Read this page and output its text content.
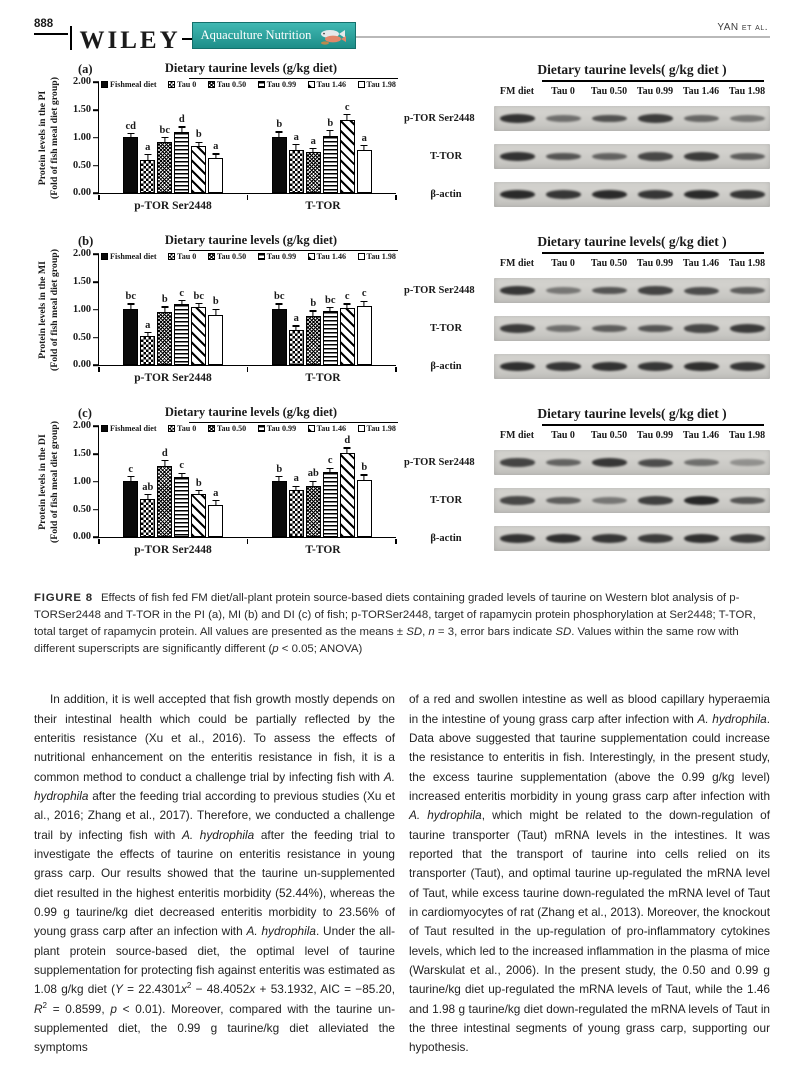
888
WILEY Aquaculture Nutrition
YAN et al.
(a)	Dietary taurine levels (g/kg diet)
Protein levels in the PI
(Fold of fish meal diet group)	Fishmeal diet	Tau 0	Tau 0.50	Tau 0.99	Tau 1.46	Tau 1.98
2.00
1.50
1.00
0.50
0.00
cd
a
bc
d
b
a
b
a a
b
c
a
p-TOR Ser2448	T-TOR
(b)	Dietary taurine levels (g/kg diet)
Protein levels in the MI
(Fold of fish meal diet group)	Fishmeal diet	Tau 0	Tau 0.50	Tau 0.99	Tau 1.46	Tau 1.98
2.00
1.50
1.00
0.50
0.00
bc
a
b
c bc
b	bc
a
b bc c c
p-TOR Ser2448	T-TOR
(c)	Dietary taurine levels (g/kg diet)
Protein levels in the DI
(Fold of fish meal diet group)	Fishmeal diet	Tau 0	Tau 0.50	Tau 0.99	Tau 1.46	Tau 1.98
2.00
1.50
1.00
0.50
0.00
c
ab
d
c
b
a
b
a ab
c
d
b
p-TOR Ser2448	T-TOR
Dietary taurine levels( g/kg diet )
FM diet	Tau 0	Tau 0.50 Tau 0.99 Tau 1.46 Tau 1.98
p-TOR Ser2448
T-TOR
β-actin
Dietary taurine levels( g/kg diet )
FM diet	Tau 0	Tau 0.50 Tau 0.99 Tau 1.46 Tau 1.98
p-TOR Ser2448
T-TOR
β-actin
Dietary taurine levels( g/kg diet )
FM diet	Tau 0	Tau 0.50 Tau 0.99 Tau 1.46 Tau 1.98
p-TOR Ser2448
T-TOR
β-actin

FIGURE 8 Effects of fish fed FM diet/all-plant protein source-based diets containing graded levels of taurine on Western blot analysis of p-TORSer2448 and T-TOR in the PI (a), MI (b) and DI (c) of fish; p-TORSer2448, target of rapamycin protein phosphorylation at Ser2448; T-TOR, total target of rapamycin protein. All values are presented as the means ± SD, n = 3, error bars indicate SD. Values within the same row with different superscripts are significantly different (p < 0.05; ANOVA)

In addition, it is well accepted that fish growth mostly depends on their intestinal health which could be partially reflected by the enteritis resistance (Xu et al., 2016). To assess the effects of nutritional enhancement on the enteritis resistance in fish, it is a common method to conduct a challenge trial by infecting fish with A. hydrophila after the feeding trial according to previous studies (Xu et al., 2016; Zhang et al., 2017). Therefore, we conducted a challenge trail by infecting fish with A. hydrophila after the feeding trial to investigate the effects of taurine on enteritis resistance in young grass carp. Our results showed that the taurine un-supplemented diet resulted in the highest enteritis morbidity (52.44%), whereas the 0.99 g taurine/kg diet decreased enteritis morbidity to 23.56% of young grass carp after an infection with A. hydrophila. Under the all-plant protein source-based diet, the optimal level of taurine supplementation for protecting fish against enteritis was estimated as 1.08 g/kg diet ($Y = 22.4301x^2 - 48.4052x + 53.1932$, AIC = −85.20, $R^2 = 0.8599$, p < 0.01). Moreover, compared with the taurine un-supplemented diet, the 0.99 g taurine/kg diet alleviated the symptoms

of a red and swollen intestine as well as blood capillary hyperaemia in the intestine of young grass carp after infection with A. hydrophila. Data above suggested that taurine supplementation could increase the resistance to enteritis in fish. Interestingly, in the present study, the excess taurine supplementation (above the 0.99 g/kg level) increased enteritis morbidity in young grass carp after infection with A. hydrophila, which might be related to the down-regulation of taurine transporter (Taut) mRNA levels in the intestines. It was reported that the transport of taurine into cells relied on its transporter (Taut), and optimal taurine up-regulated the mRNA level of Taut, while excess taurine down-regulated the mRNA level of Taut in cardiomyocytes of rat (Zhang et al., 2013). Moreover, the knockout of Taut resulted in the up-regulation of pro-inflammatory cytokines levels, which led to the increased inflammation in the plasma of mice (Warskulat et al., 2006). In the present study, the 0.50 and 0.99 g taurine/kg diet up-regulated the mRNA levels of Taut, while the 1.46 and 1.98 g taurine/kg diet down-regulated the mRNA levels of Taut in the three intestinal segments of young grass carp, supporting our hypothesis.
